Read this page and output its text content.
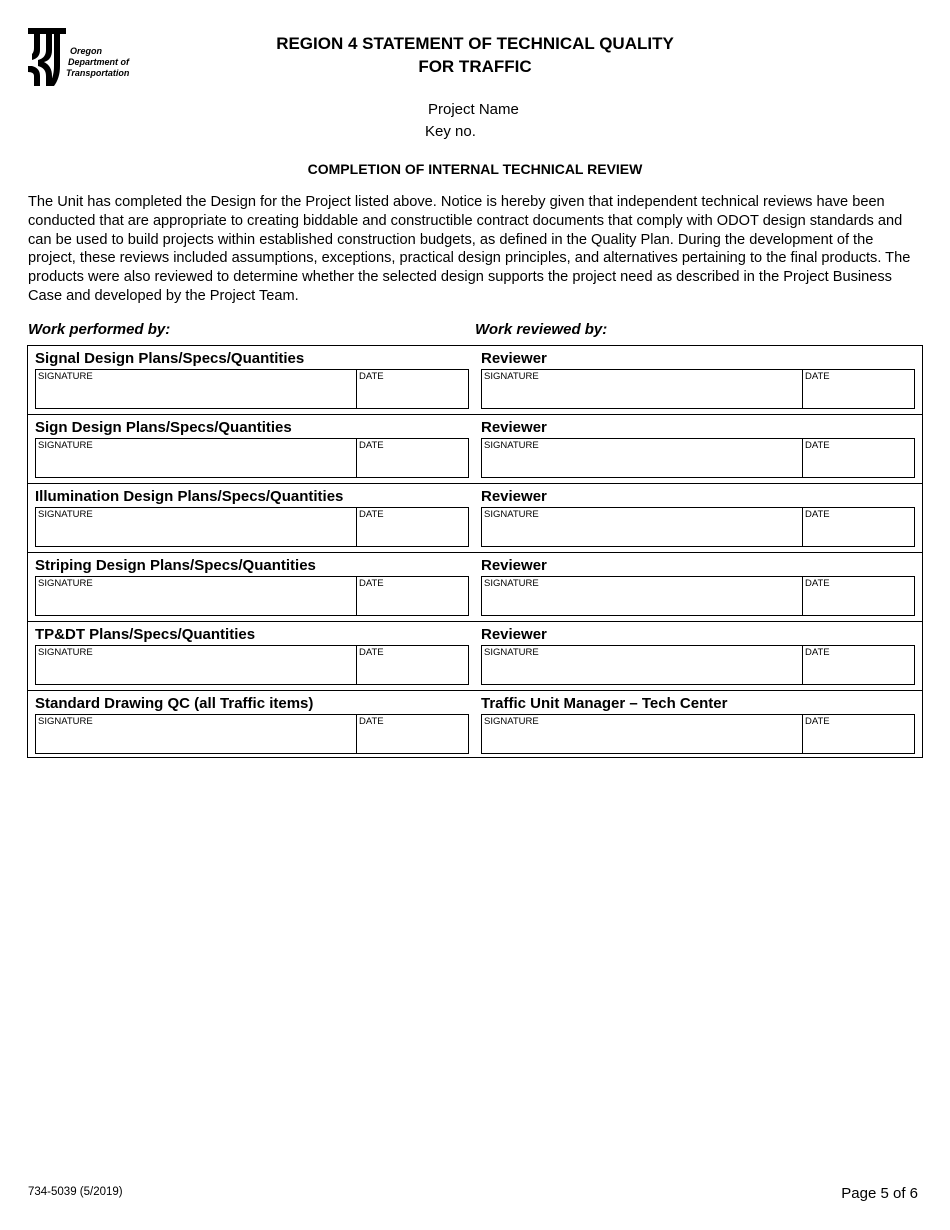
Oregon
Department of
Transportation
REGION 4 STATEMENT OF TECHNICAL QUALITY
FOR TRAFFIC
Project Name
Key no.
COMPLETION OF INTERNAL TECHNICAL REVIEW
The Unit has completed the Design for the Project listed above. Notice is hereby given that independent technical reviews have been conducted that are appropriate to creating biddable and constructible contract documents that comply with ODOT design standards and can be used to build projects within established construction budgets, as defined in the Quality Plan. During the development of the project, these reviews included assumptions, exceptions, practical design principles, and alternatives pertaining to the final products. The products were also reviewed to determine whether the selected design supports the project need as described in the Project Business Case and developed by the Project Team.
Work performed by:	Work reviewed by:
Signal Design Plans/Specs/Quantities
SIGNATURE	DATE
Reviewer
SIGNATURE	DATE
Sign Design Plans/Specs/Quantities
SIGNATURE	DATE
Reviewer
SIGNATURE	DATE
Illumination Design Plans/Specs/Quantities
SIGNATURE	DATE
Reviewer
SIGNATURE	DATE
Striping Design Plans/Specs/Quantities
SIGNATURE	DATE
Reviewer
SIGNATURE	DATE
TP&DT Plans/Specs/Quantities
SIGNATURE	DATE
Reviewer
SIGNATURE	DATE
Standard Drawing QC (all Traffic items)
SIGNATURE	DATE
Traffic Unit Manager – Tech Center
SIGNATURE	DATE
734-5039 (5/2019)	Page 5 of 6
